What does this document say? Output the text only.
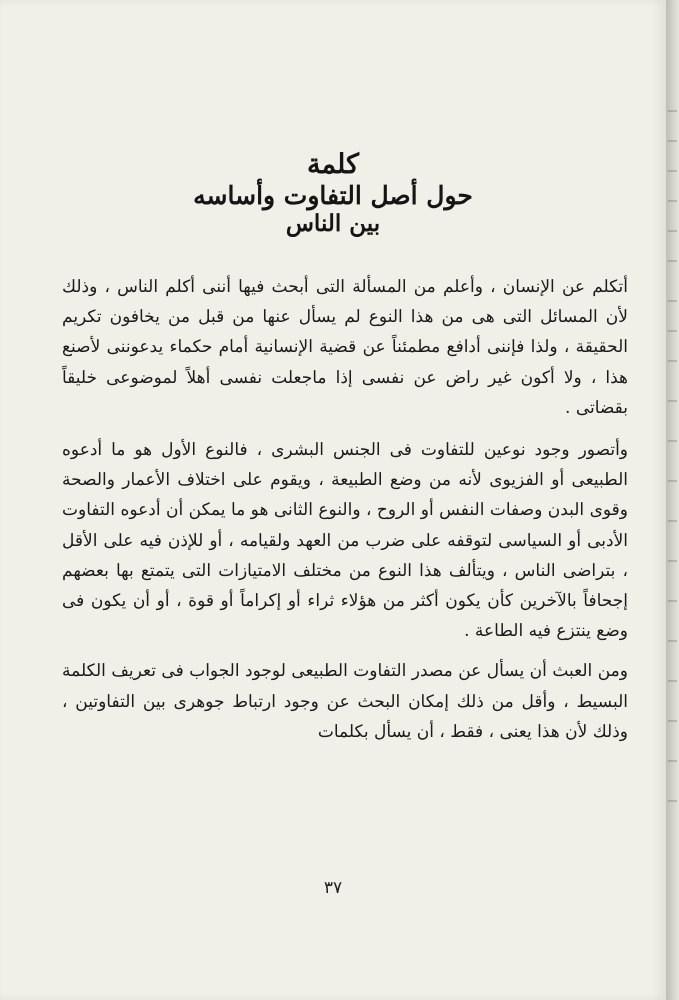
كلمة
حول أصل التفاوت وأساسه
بين الناس

أتكلم عن الإنسان ، وأعلم من المسألة التى أبحث فيها أننى أكلم الناس ، وذلك لأن المسائل التى هى من هذا النوع لم يسأل عنها من قبل من يخافون تكريم الحقيقة ، ولذا فإننى أدافع مطمئناً عن قضية الإنسانية أمام حكماء يدعوننى لأصنع هذا ، ولا أكون غير راض عن نفسى إذا ماجعلت نفسى أهلاً لموضوعى خليقاً بقضاتى .

وأتصور وجود نوعين للتفاوت فى الجنس البشرى ، فالنوع الأول هو ما أدعوه الطبيعى أو الفزيوى لأنه من وضع الطبيعة ، ويقوم على اختلاف الأعمار والصحة وقوى البدن وصفات النفس أو الروح ، والنوع الثانى هو ما يمكن أن أدعوه التفاوت الأدبى أو السياسى لتوقفه على ضرب من العهد ولقيامه ، أو للإذن فيه على الأقل ، بتراضى الناس ، ويتألف هذا النوع من مختلف الامتيازات التى يتمتع بها بعضهم إجحافاً بالآخرين كأن يكون أكثر من هؤلاء ثراء أو إكراماً أو قوة ، أو أن يكون فى وضع ينتزع فيه الطاعة .

ومن العبث أن يسأل عن مصدر التفاوت الطبيعى لوجود الجواب فى تعريف الكلمة البسيط ، وأقل من ذلك إمكان البحث عن وجود ارتباط جوهرى بين التفاوتين ، وذلك لأن هذا يعنى ، فقط ، أن يسأل بكلمات

٣٧
